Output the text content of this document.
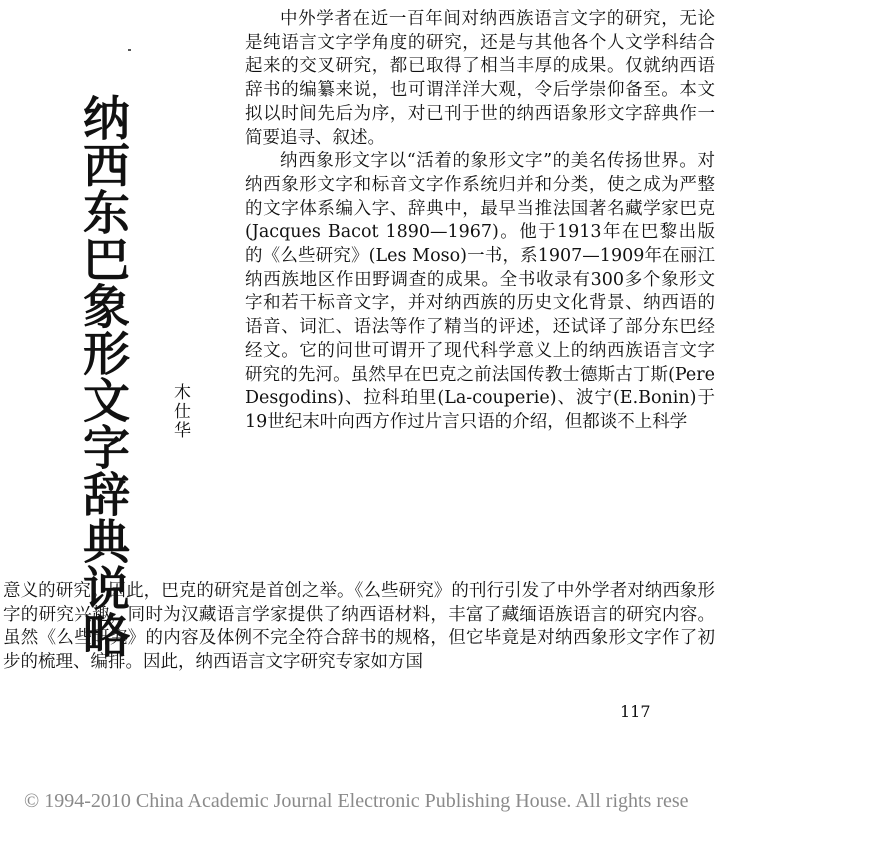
纳西东巴象形文字辞典说略 木仕华

中外学者在近一百年间对纳西族语言文字的研究，无论是纯语言文字学角度的研究，还是与其他各个人文学科结合起来的交叉研究，都已取得了相当丰厚的成果。仅就纳西语辞书的编纂来说，也可谓洋洋大观，令后学崇仰备至。本文拟以时间先后为序，对已刊于世的纳西语象形文字辞典作一简要追寻、叙述。

纳西象形文字以“活着的象形文字”的美名传扬世界。对纳西象形文字和标音文字作系统归并和分类，使之成为严整的文字体系编入字、辞典中，最早当推法国著名藏学家巴克(Jacques Bacot 1890—1967)。他于1913年在巴黎出版的《么些研究》(Les Moso)一书，系1907—1909年在丽江纳西族地区作田野调查的成果。全书收录有300多个象形文字和若干标音文字，并对纳西族的历史文化背景、纳西语的语音、词汇、语法等作了精当的评述，还试译了部分东巴经经文。它的问世可谓开了现代科学意义上的纳西族语言文字研究的先河。虽然早在巴克之前法国传教士德斯古丁斯(Pere Desgodins)、拉科珀里(La-couperie)、波宁(E.Bonin)于19世纪末叶向西方作过片言只语的介绍，但都谈不上科学

意义的研究。因此，巴克的研究是首创之举。《么些研究》的刊行引发了中外学者对纳西象形字的研究兴趣，同时为汉藏语言学家提供了纳西语材料，丰富了藏缅语族语言的研究内容。虽然《么些研究》的内容及体例不完全符合辞书的规格，但它毕竟是对纳西象形文字作了初步的梳理、编排。因此，纳西语言文字研究专家如方国

117
© 1994-2010 China Academic Journal Electronic Publishing House. All rights rese
